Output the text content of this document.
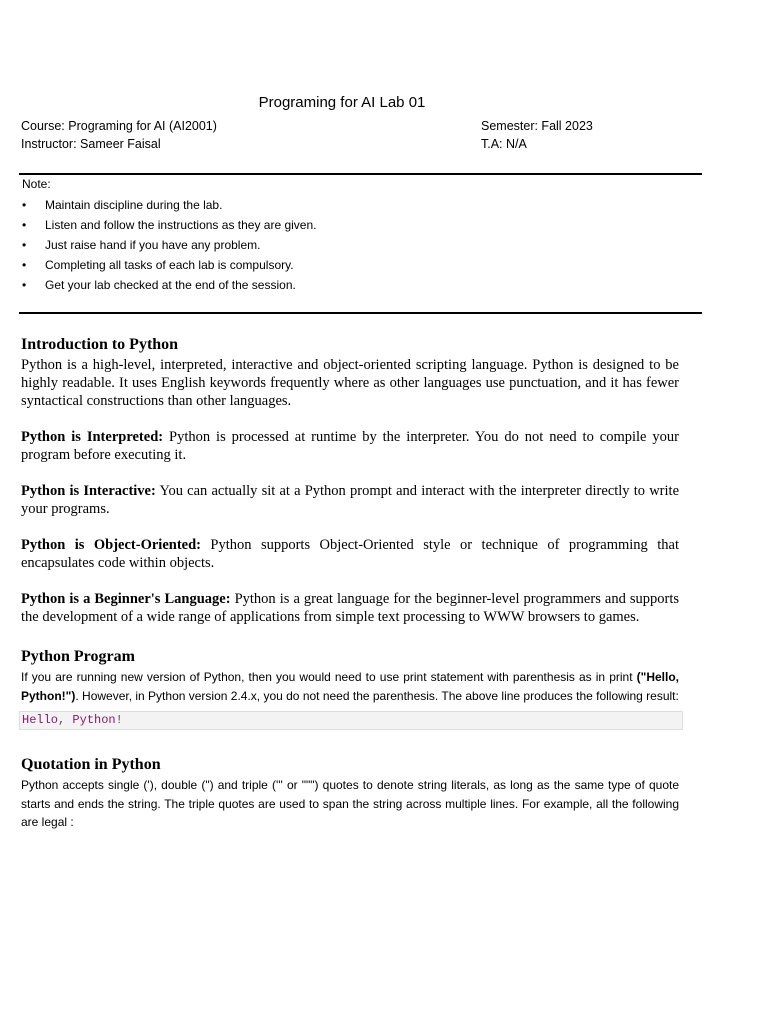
Programing for AI Lab 01
Course: Programing for AI (AI2001)
Instructor: Sameer Faisal
Semester: Fall 2023
T.A: N/A
Note:
• Maintain discipline during the lab.
• Listen and follow the instructions as they are given.
• Just raise hand if you have any problem.
• Completing all tasks of each lab is compulsory.
• Get your lab checked at the end of the session.
Introduction to Python

Python is a high-level, interpreted, interactive and object-oriented scripting language. Python is designed to be highly readable. It uses English keywords frequently where as other languages use punctuation, and it has fewer syntactical constructions than other languages.

Python is Interpreted: Python is processed at runtime by the interpreter. You do not need to compile your program before executing it.

Python is Interactive: You can actually sit at a Python prompt and interact with the interpreter directly to write your programs.

Python is Object-Oriented: Python supports Object-Oriented style or technique of programming that encapsulates code within objects.

Python is a Beginner's Language: Python is a great language for the beginner-level programmers and supports the development of a wide range of applications from simple text processing to WWW browsers to games.

Python Program

If you are running new version of Python, then you would need to use print statement with parenthesis as in print ("Hello, Python!"). However, in Python version 2.4.x, you do not need the parenthesis. The above line produces the following result:

Hello, Python!
Quotation in Python

Python accepts single ('), double (") and triple (''' or """) quotes to denote string literals, as long as the same type of quote starts and ends the string. The triple quotes are used to span the string across multiple lines. For example, all the following are legal :
